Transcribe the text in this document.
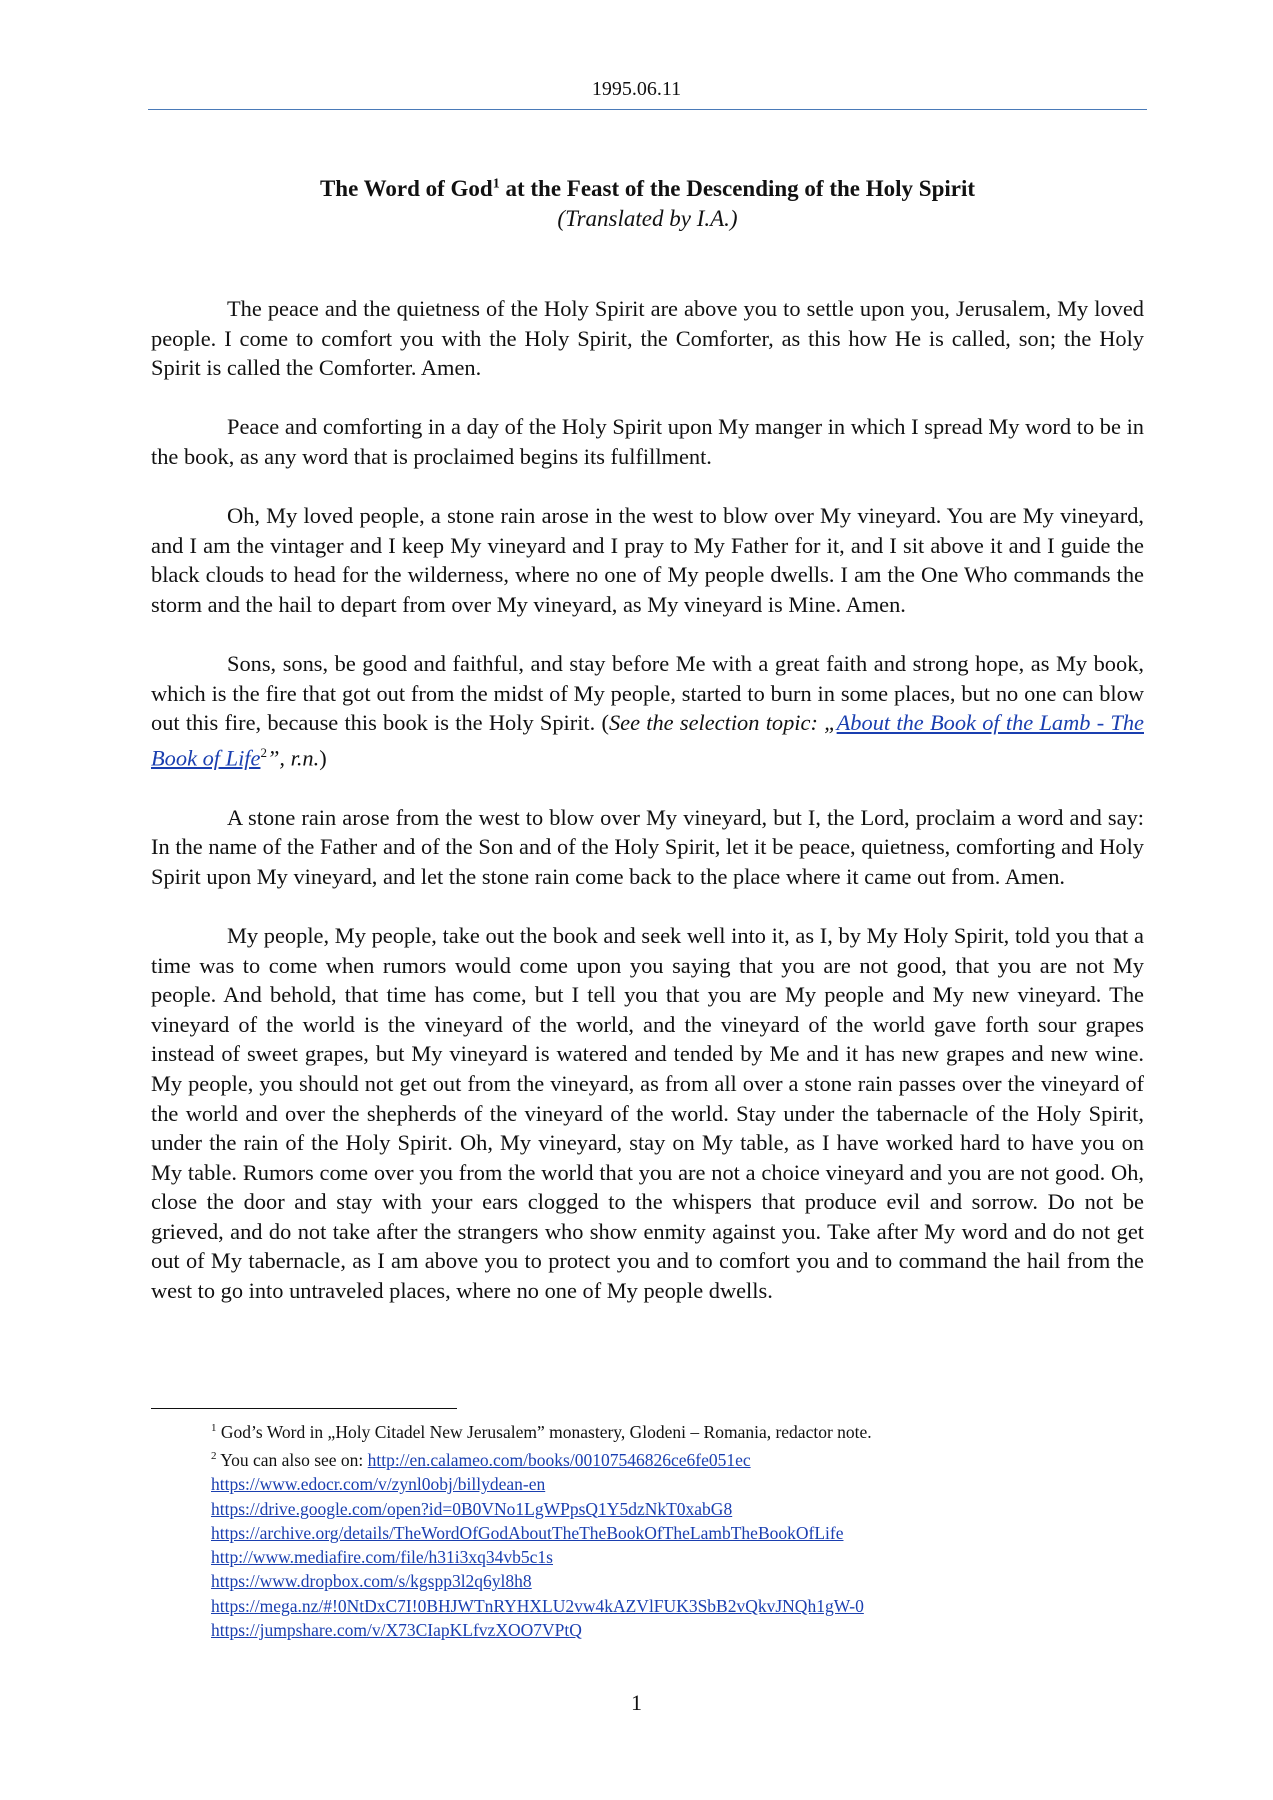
1995.06.11
The Word of God$^1$ at the Feast of the Descending of the Holy Spirit
(Translated by I.A.)

The peace and the quietness of the Holy Spirit are above you to settle upon you, Jerusalem, My loved people. I come to comfort you with the Holy Spirit, the Comforter, as this how He is called, son; the Holy Spirit is called the Comforter. Amen.

Peace and comforting in a day of the Holy Spirit upon My manger in which I spread My word to be in the book, as any word that is proclaimed begins its fulfillment.

Oh, My loved people, a stone rain arose in the west to blow over My vineyard. You are My vineyard, and I am the vintager and I keep My vineyard and I pray to My Father for it, and I sit above it and I guide the black clouds to head for the wilderness, where no one of My people dwells. I am the One Who commands the storm and the hail to depart from over My vineyard, as My vineyard is Mine. Amen.

Sons, sons, be good and faithful, and stay before Me with a great faith and strong hope, as My book, which is the fire that got out from the midst of My people, started to burn in some places, but no one can blow out this fire, because this book is the Holy Spirit. (See the selection topic: „About the Book of the Lamb - The Book of Life$^2$”, r.n.)

A stone rain arose from the west to blow over My vineyard, but I, the Lord, proclaim a word and say: In the name of the Father and of the Son and of the Holy Spirit, let it be peace, quietness, comforting and Holy Spirit upon My vineyard, and let the stone rain come back to the place where it came out from. Amen.

My people, My people, take out the book and seek well into it, as I, by My Holy Spirit, told you that a time was to come when rumors would come upon you saying that you are not good, that you are not My people. And behold, that time has come, but I tell you that you are My people and My new vineyard. The vineyard of the world is the vineyard of the world, and the vineyard of the world gave forth sour grapes instead of sweet grapes, but My vineyard is watered and tended by Me and it has new grapes and new wine. My people, you should not get out from the vineyard, as from all over a stone rain passes over the vineyard of the world and over the shepherds of the vineyard of the world. Stay under the tabernacle of the Holy Spirit, under the rain of the Holy Spirit. Oh, My vineyard, stay on My table, as I have worked hard to have you on My table. Rumors come over you from the world that you are not a choice vineyard and you are not good. Oh, close the door and stay with your ears clogged to the whispers that produce evil and sorrow. Do not be grieved, and do not take after the strangers who show enmity against you. Take after My word and do not get out of My tabernacle, as I am above you to protect you and to comfort you and to command the hail from the west to go into untraveled places, where no one of My people dwells.

$^1$ God’s Word in „Holy Citadel New Jerusalem” monastery, Glodeni – Romania, redactor note.
$^2$ You can also see on: http://en.calameo.com/books/00107546826ce6fe051ec
https://www.edocr.com/v/zynl0obj/billydean-en
https://drive.google.com/open?id=0B0VNo1LgWPpsQ1Y5dzNkT0xabG8
https://archive.org/details/TheWordOfGodAboutTheTheBookOfTheLambTheBookOfLife
http://www.mediafire.com/file/h31i3xq34vb5c1s
https://www.dropbox.com/s/kgspp3l2q6yl8h8
https://mega.nz/#!0NtDxC7I!0BHJWTnRYHXLU2vw4kAZVlFUK3SbB2vQkvJNQh1gW-0
https://jumpshare.com/v/X73CIapKLfvzXOO7VPtQ
1
